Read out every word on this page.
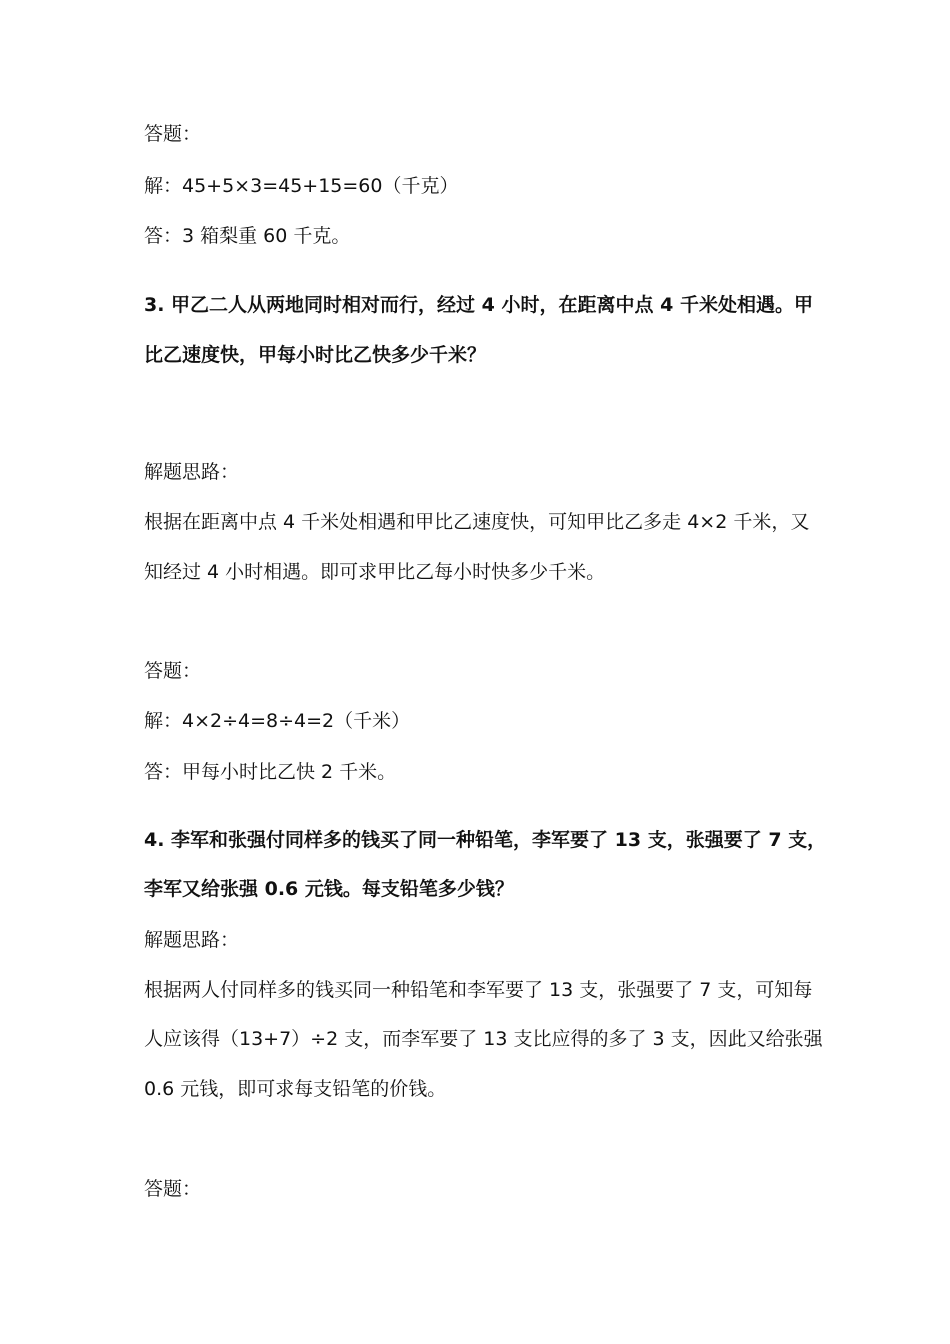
答题：
解：45+5×3=45+15=60（千克）
答：3 箱梨重 60 千克。
3. 甲乙二人从两地同时相对而行，经过 4 小时，在距离中点 4 千米处相遇。甲
比乙速度快，甲每小时比乙快多少千米？
解题思路：
根据在距离中点 4 千米处相遇和甲比乙速度快，可知甲比乙多走 4×2 千米，又
知经过 4 小时相遇。即可求甲比乙每小时快多少千米。
答题：
解：4×2÷4=8÷4=2（千米）
答：甲每小时比乙快 2 千米。
4. 李军和张强付同样多的钱买了同一种铅笔，李军要了 13 支，张强要了 7 支，
李军又给张强 0.6 元钱。每支铅笔多少钱？
解题思路：
根据两人付同样多的钱买同一种铅笔和李军要了 13 支，张强要了 7 支，可知每
人应该得（13+7）÷2 支，而李军要了 13 支比应得的多了 3 支，因此又给张强
0.6 元钱，即可求每支铅笔的价钱。
答题：
